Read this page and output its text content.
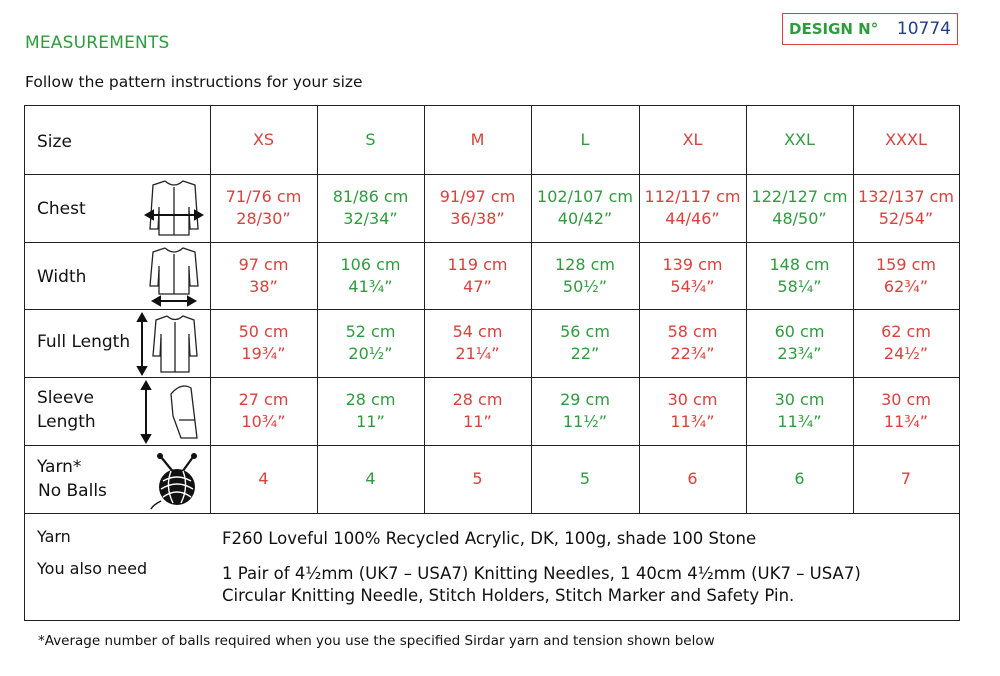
MEASUREMENTS
DESIGN N° 10774
Follow the pattern instructions for your size
Size
Chest
Width
Full Length
Sleeve
Length
Yarn*
No Balls
XS
71/76 cm
28/30”
97 cm
38”
50 cm
19¾”
27 cm
10¾”
4
S
81/86 cm
32/34”
106 cm
41¾”
52 cm
20½”
28 cm
11”
4
M
91/97 cm
36/38”
119 cm
47”
54 cm
21¼”
28 cm
11”
5
L
102/107 cm
40/42”
128 cm
50½”
56 cm
22”
29 cm
11½”
5
XL
112/117 cm
44/46”
139 cm
54¾”
58 cm
22¾”
30 cm
11¾”
6
XXL
122/127 cm
48/50”
148 cm
58¼”
60 cm
23¾”
30 cm
11¾”
6
XXXL
132/137 cm
52/54”
159 cm
62¾”
62 cm
24½”
30 cm
11¾”
7
Yarn
You also need
F260 Loveful 100% Recycled Acrylic, DK, 100g, shade 100 Stone
1 Pair of 4½mm (UK7 – USA7) Knitting Needles, 1 40cm 4½mm (UK7 – USA7)
Circular Knitting Needle, Stitch Holders, Stitch Marker and Safety Pin.
*Average number of balls required when you use the specified Sirdar yarn and tension shown below
